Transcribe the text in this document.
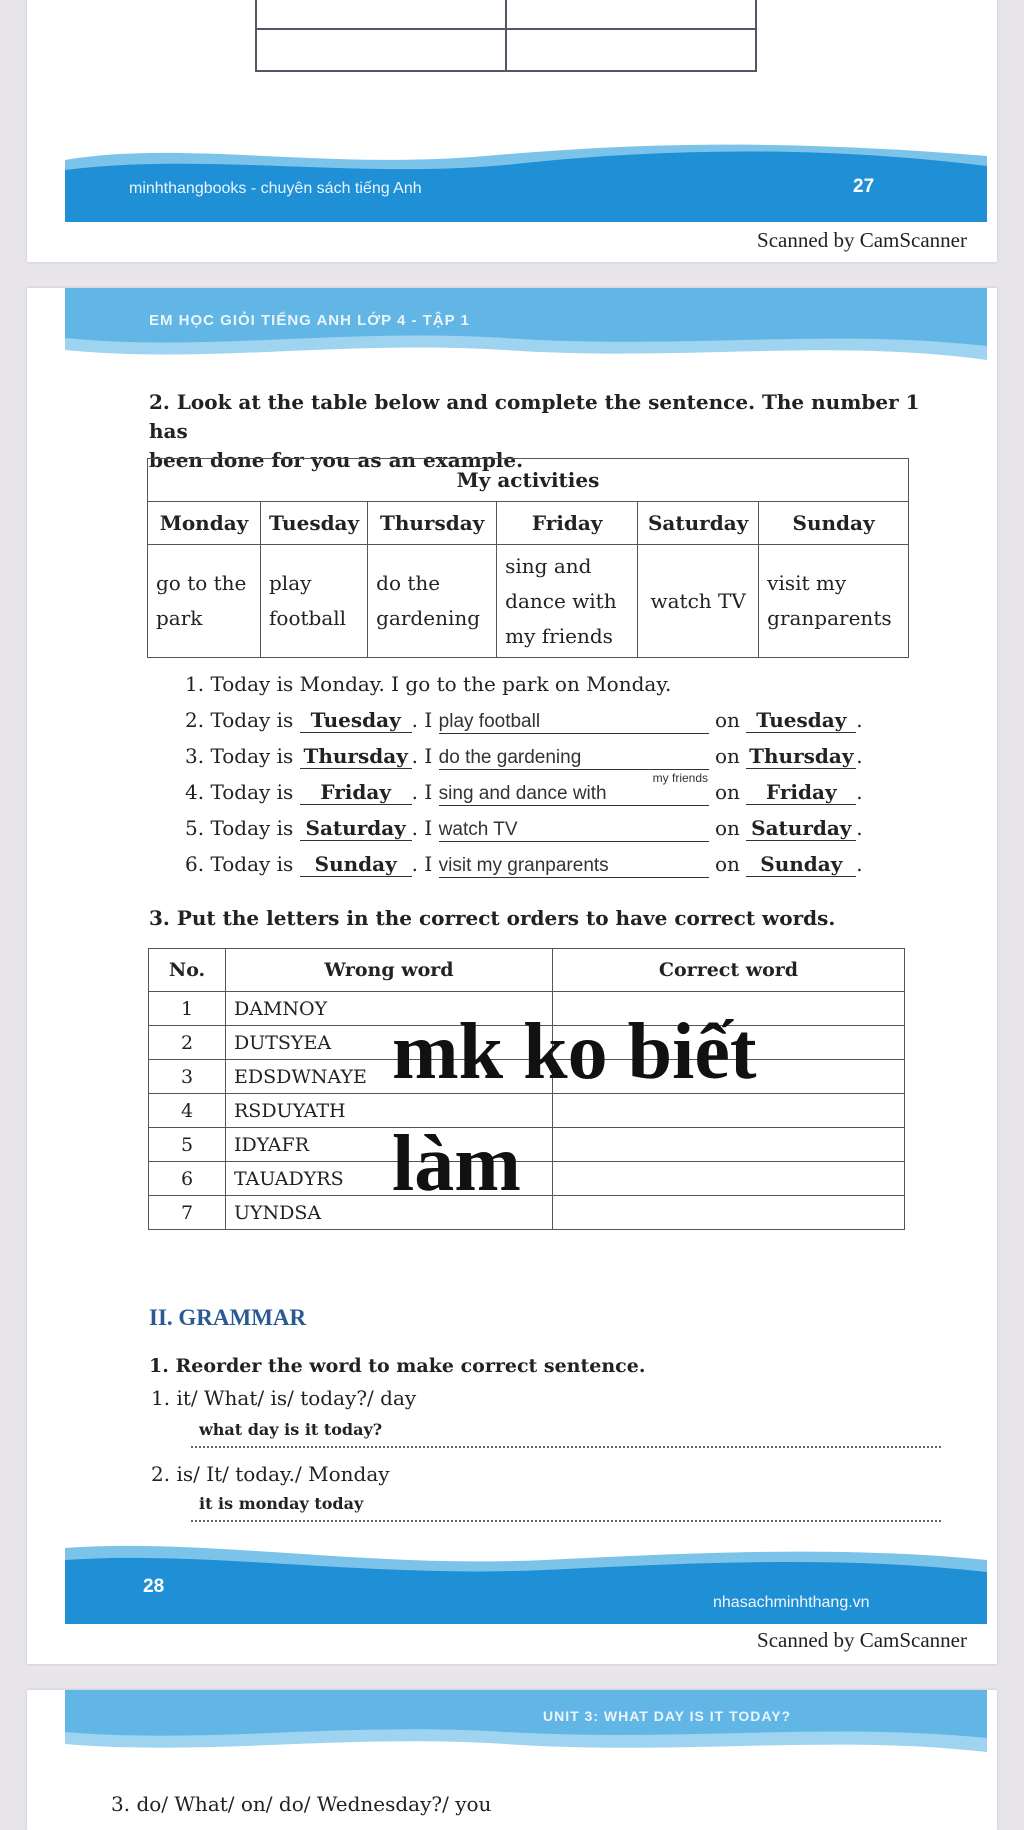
minhthangbooks - chuyên sách tiếng Anh	27
Scanned by CamScanner
EM HỌC GIỎI TIẾNG ANH LỚP 4 - TẬP 1
2. Look at the table below and complete the sentence. The number 1 has
been done for you as an example.
My activities					
Monday	Tuesday	Thursday	Friday	Saturday	Sunday
go to the park	play football	do the gardening	sing and dance with my friends	watch TV	visit my granparents
1. Today is Monday. I go to the park on Monday.
2. Today is Tuesday . I play football	on Tuesday .
3. Today is Thursday . I do the gardening	on Thursday .
4. Today is Friday . I sing and dance with
my friends
on Friday .
5. Today is Saturday . I watch TV	on Saturday .
6. Today is Sunday . I visit my granparents	on Sunday .
3. Put the letters in the correct orders to have correct words.
No.	Wrong word	Correct word
1	DAMNOY	
2	DUTSYEA	
3	EDSDWNAYE	
4	RSDUYATH	
5	IDYAFR	
6	TAUADYRS	
7	UYNDSA	
mk ko biết
làm
II. GRAMMAR
1. Reorder the word to make correct sentence.
1. it/ What/ is/ today?/ day
what day is it today?
2. is/ It/ today./ Monday
it is monday today
28
nhasachminhthang.vn
Scanned by CamScanner
UNIT 3: WHAT DAY IS IT TODAY?
3. do/ What/ on/ do/ Wednesday?/ you
